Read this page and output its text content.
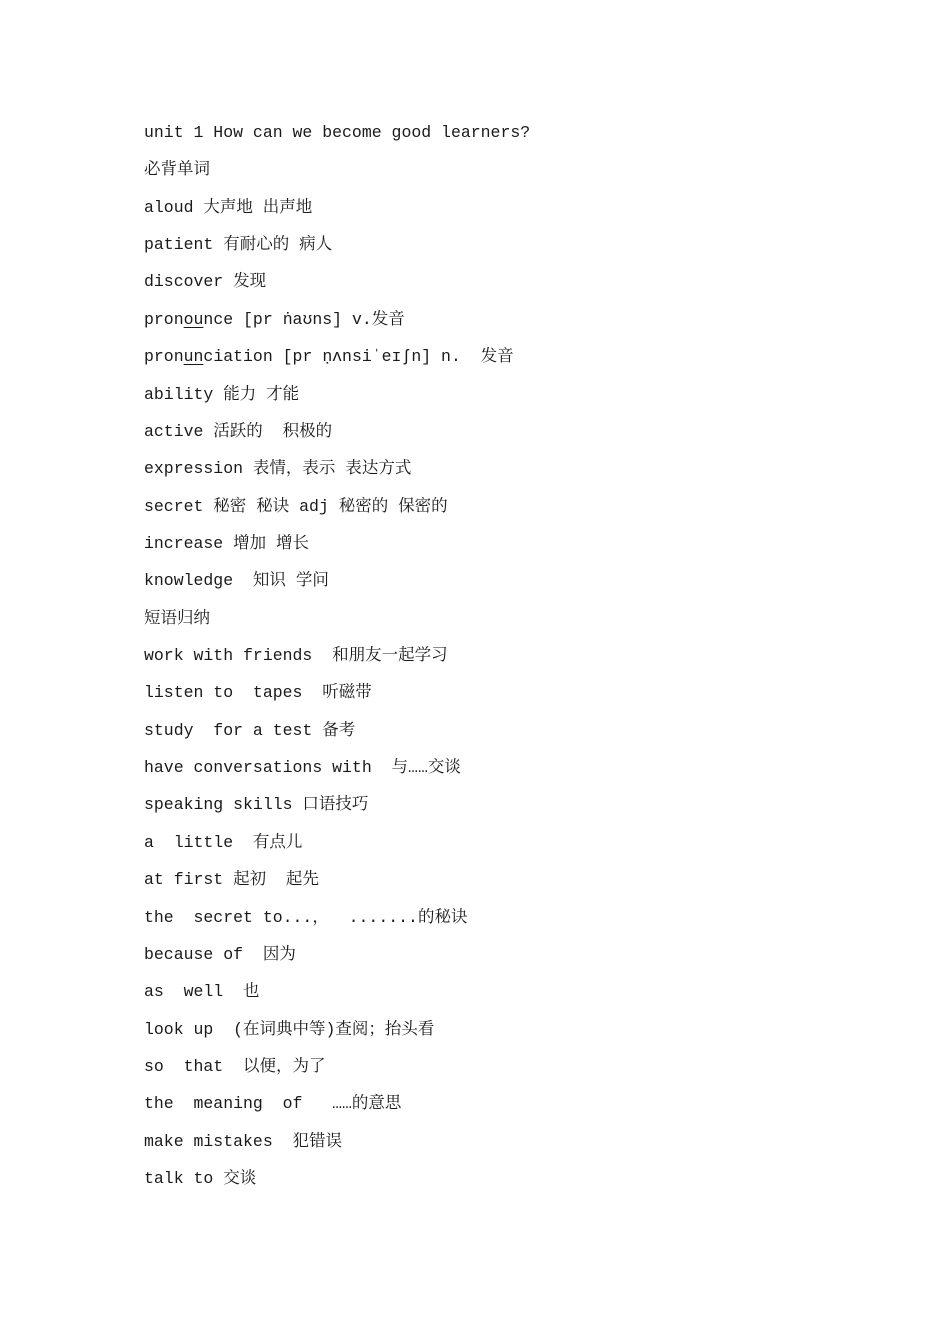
unit 1 How can we become good learners?
必背单词
aloud 大声地 出声地
patient 有耐心的 病人
discover 发现
pronounce [pr ṅaʊns] v.发音
pronunciation [pr ṇʌnsiˈeɪʃn] n.  发音
ability 能力 才能
active 活跃的  积极的
expression 表情，表示 表达方式
secret 秘密 秘诀 adj 秘密的 保密的
increase 增加 增长
knowledge  知识 学问
短语归纳
work with friends  和朋友一起学习
listen to  tapes  听磁带
study  for a test 备考
have conversations with  与……交谈
speaking skills 口语技巧
a  little  有点儿
at first 起初  起先
the  secret to...，  .......的秘诀
because of  因为
as  well  也
look up  (在词典中等)查阅；抬头看
so  that  以便，为了
the  meaning  of   ……的意思
make mistakes  犯错误
talk to 交谈
